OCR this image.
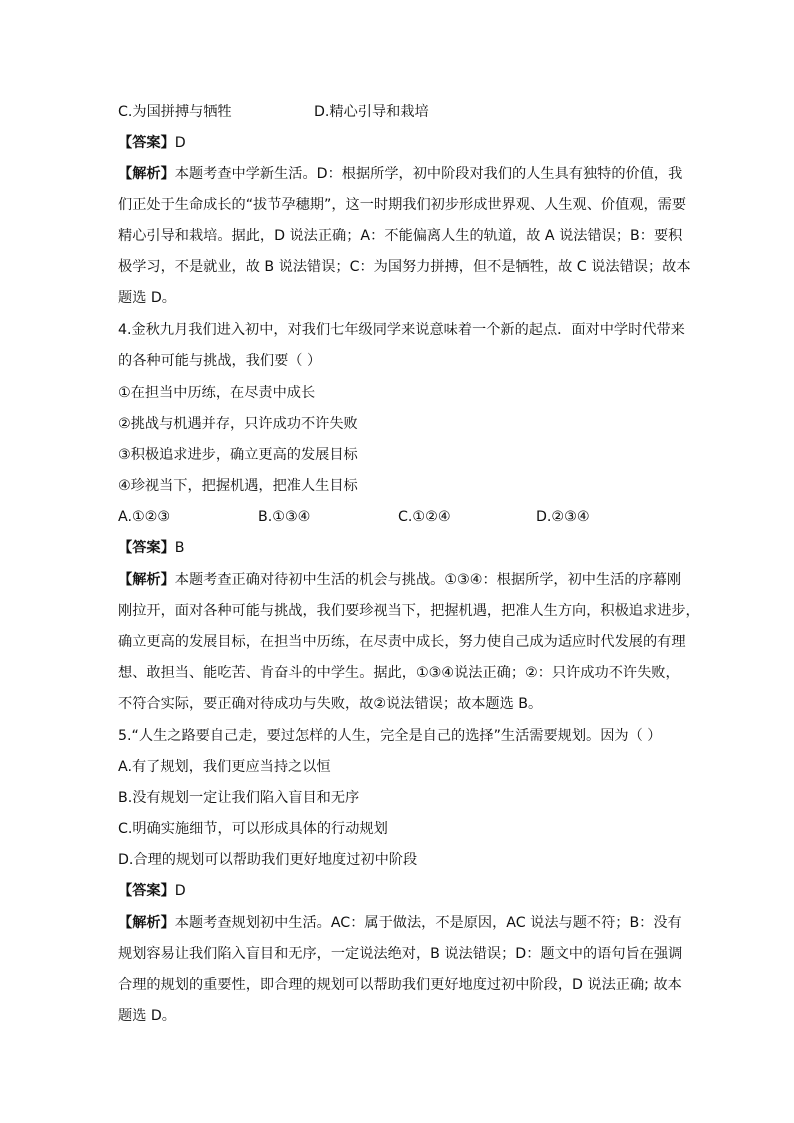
C.为国拼搏与牺牲	D.精心引导和栽培
【答案】D
【解析】本题考查中学新生活。D：根据所学，初中阶段对我们的人生具有独特的价值，我
们正处于生命成长的“拔节孕穗期”，这一时期我们初步形成世界观、人生观、价值观，需要
精心引导和栽培。据此，D 说法正确；A：不能偏离人生的轨道，故 A 说法错误；B：要积
极学习，不是就业，故 B 说法错误；C：为国努力拼搏，但不是牺牲，故 C 说法错误；故本
题选 D。
4.金秋九月我们进入初中，对我们七年级同学来说意味着一个新的起点．面对中学时代带来
的各种可能与挑战，我们要（ ）
①在担当中历练，在尽责中成长
②挑战与机遇并存，只许成功不许失败
③积极追求进步，确立更高的发展目标
④珍视当下，把握机遇，把准人生目标
A.①②③	B.①③④	C.①②④	D.②③④
【答案】B
【解析】本题考查正确对待初中生活的机会与挑战。①③④：根据所学，初中生活的序幕刚
刚拉开，面对各种可能与挑战，我们要珍视当下，把握机遇，把准人生方向，积极追求进步，
确立更高的发展目标，在担当中历练，在尽责中成长，努力使自己成为适应时代发展的有理
想、敢担当、能吃苦、肯奋斗的中学生。据此，①③④说法正确；②：只许成功不许失败，
不符合实际，要正确对待成功与失败，故②说法错误；故本题选 B。
5.“人生之路要自己走，要过怎样的人生，完全是自己的选择”生活需要规划。因为（ ）
A.有了规划，我们更应当持之以恒
B.没有规划一定让我们陷入盲目和无序
C.明确实施细节，可以形成具体的行动规划
D.合理的规划可以帮助我们更好地度过初中阶段
【答案】D
【解析】本题考查规划初中生活。AC：属于做法，不是原因，AC 说法与题不符；B：没有
规划容易让我们陷入盲目和无序，一定说法绝对，B 说法错误；D：题文中的语句旨在强调
合理的规划的重要性，即合理的规划可以帮助我们更好地度过初中阶段，D 说法正确; 故本
题选 D。
